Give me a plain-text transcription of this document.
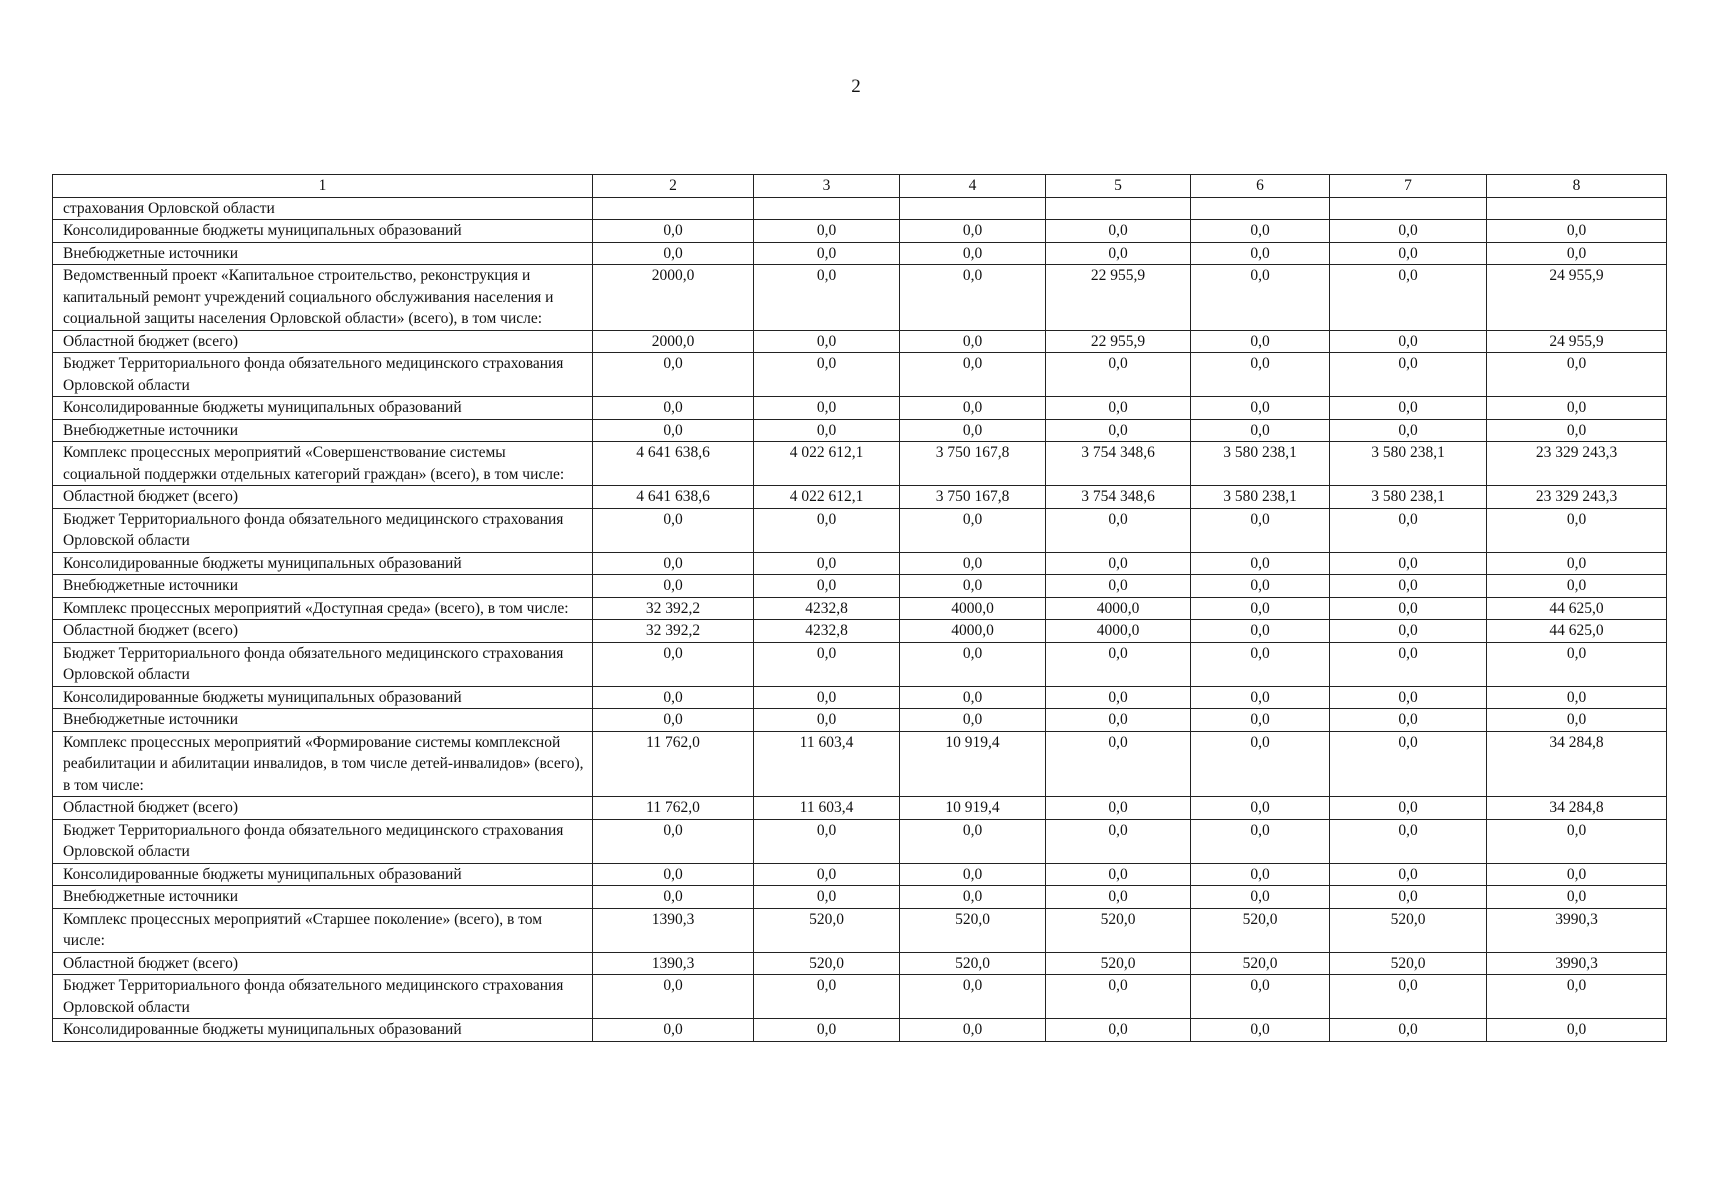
2
1	2	3	4	5	6	7	8
страхования Орловской области							
Консолидированные бюджеты муниципальных образований	0,0	0,0	0,0	0,0	0,0	0,0	0,0
Внебюджетные источники	0,0	0,0	0,0	0,0	0,0	0,0	0,0
Ведомственный проект «Капитальное строительство, реконструкция и капитальный ремонт учреждений социального обслуживания населения и социальной защиты населения Орловской области» (всего), в том числе:	2000,0	0,0	0,0	22 955,9	0,0	0,0	24 955,9
Областной бюджет (всего)	2000,0	0,0	0,0	22 955,9	0,0	0,0	24 955,9
Бюджет Территориального фонда обязательного медицинского страхования Орловской области	0,0	0,0	0,0	0,0	0,0	0,0	0,0
Консолидированные бюджеты муниципальных образований	0,0	0,0	0,0	0,0	0,0	0,0	0,0
Внебюджетные источники	0,0	0,0	0,0	0,0	0,0	0,0	0,0
Комплекс процессных мероприятий «Совершенствование системы социальной поддержки отдельных категорий граждан» (всего), в том числе:	4 641 638,6	4 022 612,1	3 750 167,8	3 754 348,6	3 580 238,1	3 580 238,1	23 329 243,3
Областной бюджет (всего)	4 641 638,6	4 022 612,1	3 750 167,8	3 754 348,6	3 580 238,1	3 580 238,1	23 329 243,3
Бюджет Территориального фонда обязательного медицинского страхования Орловской области	0,0	0,0	0,0	0,0	0,0	0,0	0,0
Консолидированные бюджеты муниципальных образований	0,0	0,0	0,0	0,0	0,0	0,0	0,0
Внебюджетные источники	0,0	0,0	0,0	0,0	0,0	0,0	0,0
Комплекс процессных мероприятий «Доступная среда» (всего), в том числе:	32 392,2	4232,8	4000,0	4000,0	0,0	0,0	44 625,0
Областной бюджет (всего)	32 392,2	4232,8	4000,0	4000,0	0,0	0,0	44 625,0
Бюджет Территориального фонда обязательного медицинского страхования Орловской области	0,0	0,0	0,0	0,0	0,0	0,0	0,0
Консолидированные бюджеты муниципальных образований	0,0	0,0	0,0	0,0	0,0	0,0	0,0
Внебюджетные источники	0,0	0,0	0,0	0,0	0,0	0,0	0,0
Комплекс процессных мероприятий «Формирование системы комплексной реабилитации и абилитации инвалидов, в том числе детей-инвалидов» (всего), в том числе:	11 762,0	11 603,4	10 919,4	0,0	0,0	0,0	34 284,8
Областной бюджет (всего)	11 762,0	11 603,4	10 919,4	0,0	0,0	0,0	34 284,8
Бюджет Территориального фонда обязательного медицинского страхования Орловской области	0,0	0,0	0,0	0,0	0,0	0,0	0,0
Консолидированные бюджеты муниципальных образований	0,0	0,0	0,0	0,0	0,0	0,0	0,0
Внебюджетные источники	0,0	0,0	0,0	0,0	0,0	0,0	0,0
Комплекс процессных мероприятий «Старшее поколение» (всего), в том числе:	1390,3	520,0	520,0	520,0	520,0	520,0	3990,3
Областной бюджет (всего)	1390,3	520,0	520,0	520,0	520,0	520,0	3990,3
Бюджет Территориального фонда обязательного медицинского страхования Орловской области	0,0	0,0	0,0	0,0	0,0	0,0	0,0
Консолидированные бюджеты муниципальных образований	0,0	0,0	0,0	0,0	0,0	0,0	0,0
